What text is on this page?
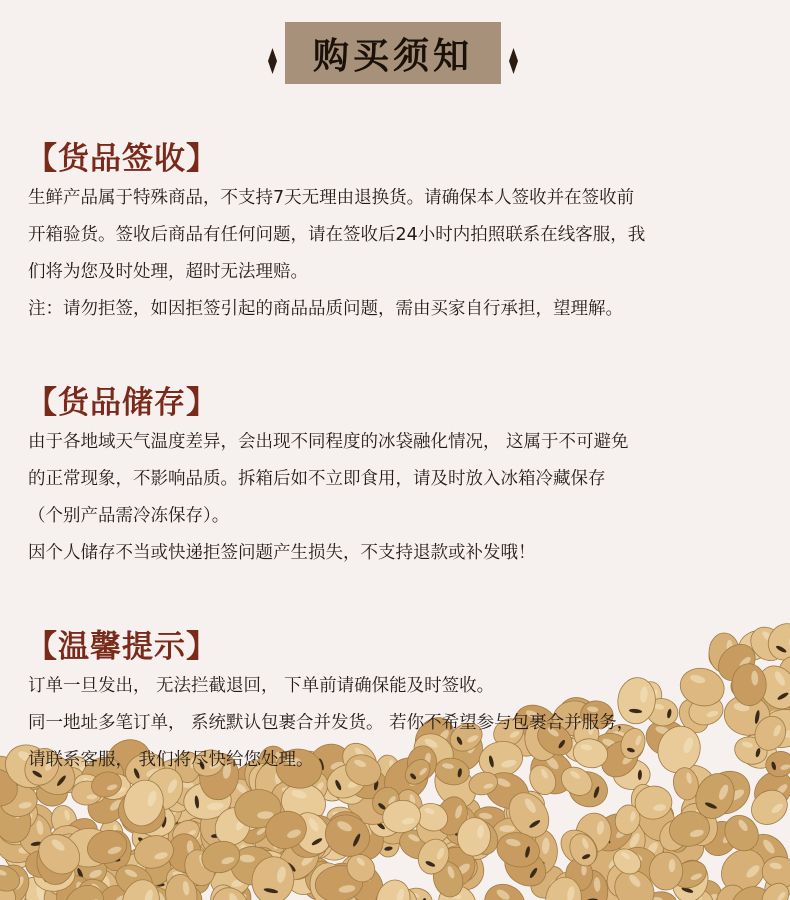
购买须知
【货品签收】

生鲜产品属于特殊商品，不支持7天无理由退换货。请确保本人签收并在签收前

开箱验货。签收后商品有任何问题，请在签收后24小时内拍照联系在线客服，我

们将为您及时处理，超时无法理赔。

注：请勿拒签，如因拒签引起的商品品质问题，需由买家自行承担，望理解。

【货品储存】

由于各地域天气温度差异，会出现不同程度的冰袋融化情况， 这属于不可避免

的正常现象，不影响品质。拆箱后如不立即食用，请及时放入冰箱冷藏保存

（个别产品需冷冻保存）。

因个人储存不当或快递拒签问题产生损失，不支持退款或补发哦！

【温馨提示】

订单一旦发出， 无法拦截退回， 下单前请确保能及时签收。

同一地址多笔订单， 系统默认包裹合并发货。 若你不希望参与包裹合并服务，

请联系客服， 我们将尽快给您处理。
